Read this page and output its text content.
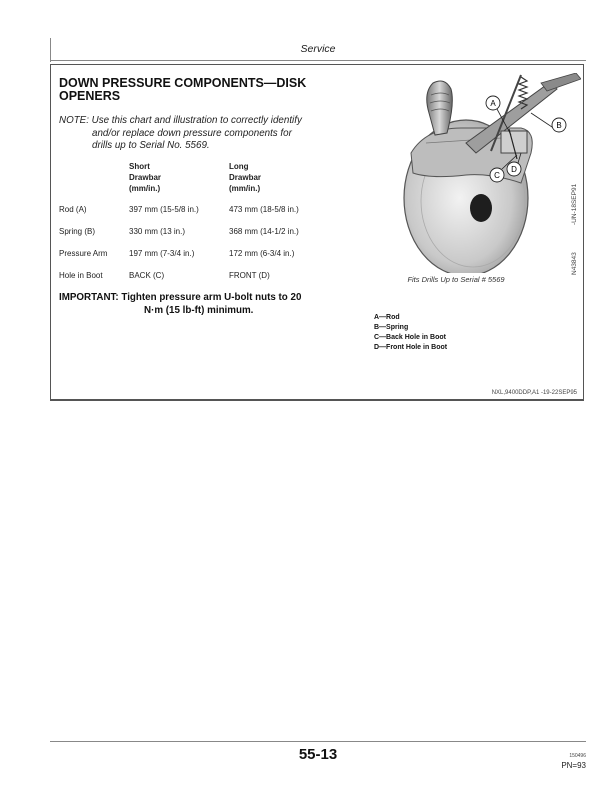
Service
DOWN PRESSURE COMPONENTS—DISK
OPENERS
NOTE: Use this chart and illustration to correctly identify
and/or replace down pressure components for
drills up to Serial No. 5569.
Short
Drawbar
(mm/in.)
Long
Drawbar
(mm/in.)
Rod (A)	397 mm (15-5/8 in.)	473 mm (18-5/8 in.)
Spring (B)	330 mm (13 in.)	368 mm (14-1/2 in.)
Pressure Arm	197 mm (7-3/4 in.)	172 mm (6-3/4 in.)
Hole in Boot	BACK (C)	FRONT (D)
IMPORTANT: Tighten pressure arm U-bolt nuts to 20
N·m (15 lb-ft) minimum.
A
B
C
D
Fits Drills Up to Serial # 5569
-UN-18SEP91
N43843
A—Rod
B—Spring
C—Back Hole in Boot
D—Front Hole in Boot
NXL,9400DDP,A1 -19-22SEP95
55-13	150496
PN=93
